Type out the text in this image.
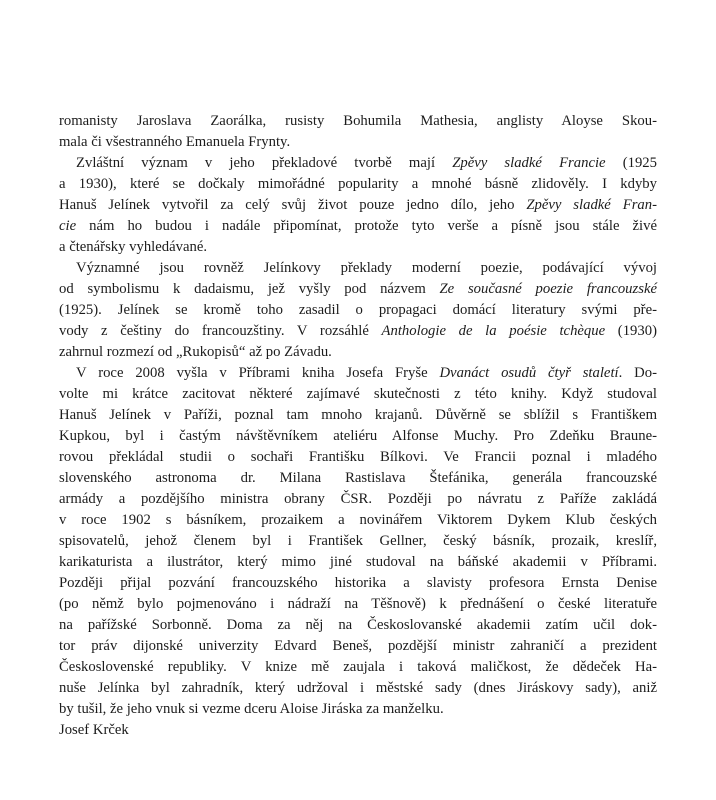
romanisty Jaroslava Zaorálka, rusisty Bohumila Mathesia, anglisty Aloyse Skou-
mala či všestranného Emanuela Frynty.
Zvláštní význam v jeho překladové tvorbě mají Zpěvy sladké Francie (1925
a 1930), které se dočkaly mimořádné popularity a mnohé básně zlidověly. I kdyby
Hanuš Jelínek vytvořil za celý svůj život pouze jedno dílo, jeho Zpěvy sladké Fran-
cie nám ho budou i nadále připomínat, protože tyto verše a písně jsou stále živé
a čtenářsky vyhledávané.
Významné jsou rovněž Jelínkovy překlady moderní poezie, podávající vývoj
od symbolismu k dadaismu, jež vyšly pod názvem Ze současné poezie francouzské
(1925). Jelínek se kromě toho zasadil o propagaci domácí literatury svými pře-
vody z češtiny do francouzštiny. V rozsáhlé Anthologie de la poésie tchèque (1930)
zahrnul rozmezí od „Rukopisů“ až po Závadu.
V roce 2008 vyšla v Příbrami kniha Josefa Fryše Dvanáct osudů čtyř staletí. Do-
volte mi krátce zacitovat některé zajímavé skutečnosti z této knihy. Když studoval
Hanuš Jelínek v Paříži, poznal tam mnoho krajanů. Důvěrně se sblížil s Františkem
Kupkou, byl i častým návštěvníkem ateliéru Alfonse Muchy. Pro Zdeňku Braune-
rovou překládal studii o sochaři Františku Bílkovi. Ve Francii poznal i mladého
slovenského astronoma dr. Milana Rastislava Štefánika, generála francouzské
armády a pozdějšího ministra obrany ČSR. Později po návratu z Paříže zakládá
v roce 1902 s básníkem, prozaikem a novinářem Viktorem Dykem Klub českých
spisovatelů, jehož členem byl i František Gellner, český básník, prozaik, kreslíř,
karikaturista a ilustrátor, který mimo jiné studoval na báňské akademii v Příbrami.
Později přijal pozvání francouzského historika a slavisty profesora Ernsta Denise
(po němž bylo pojmenováno i nádraží na Těšnově) k přednášení o české literatuře
na pařížské Sorbonně. Doma za něj na Českoslovanské akademii zatím učil dok-
tor práv dijonské univerzity Edvard Beneš, pozdější ministr zahraničí a prezident
Československé republiky. V knize mě zaujala i taková maličkost, že dědeček Ha-
nuše Jelínka byl zahradník, který udržoval i městské sady (dnes Jiráskovy sady), aniž
by tušil, že jeho vnuk si vezme dceru Aloise Jiráska za manželku.
Josef Krček
